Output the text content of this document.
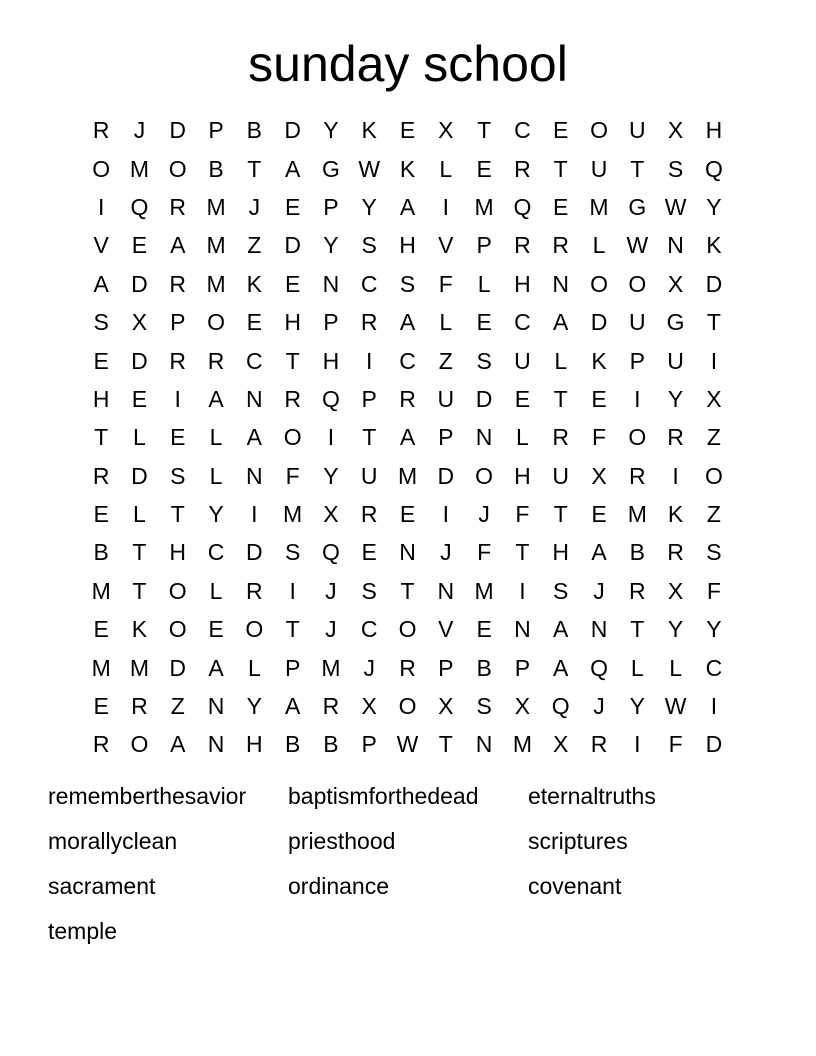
sunday school
R	J	D P B D Y K E X	T C E O U X H
O M O B	T	A G W K	L	E R T U T	S Q
I	Q R M J	E P Y A	I	M Q E M G W Y
V E A M Z D Y S H V P R R	L W N K
A D R M K E N C S	F	L	H N O O X D
S X P O E H P R A	L	E C A D U G T
E D R R C T H	I	C Z	S U	L	K P U	I
H E	I	A N R Q P R U D E	T	E	I	Y X
T	L	E	L	A O	I	T	A P N	L	R F O R Z
R D S	L	N F	Y U M D O H U X R	I	O
E	L	T	Y	I	M X R E	I	J	F	T	E M K	Z
B	T H C D S Q E N	J	F	T H A B R S
M T O L	R	I	J	S	T N M	I	S	J	R X	F
E K O E O T	J	C O V E N A N T	Y Y
M M D A	L	P M J	R P B P A Q L	L	C
E R Z N Y A R X O X S X Q	J	Y W	I
R O A N H B B P W T N M X R	I	F D
rememberthesavior	baptismforthedead	eternaltruths
morallyclean	priesthood	scriptures
sacrament	ordinance	covenant
temple
